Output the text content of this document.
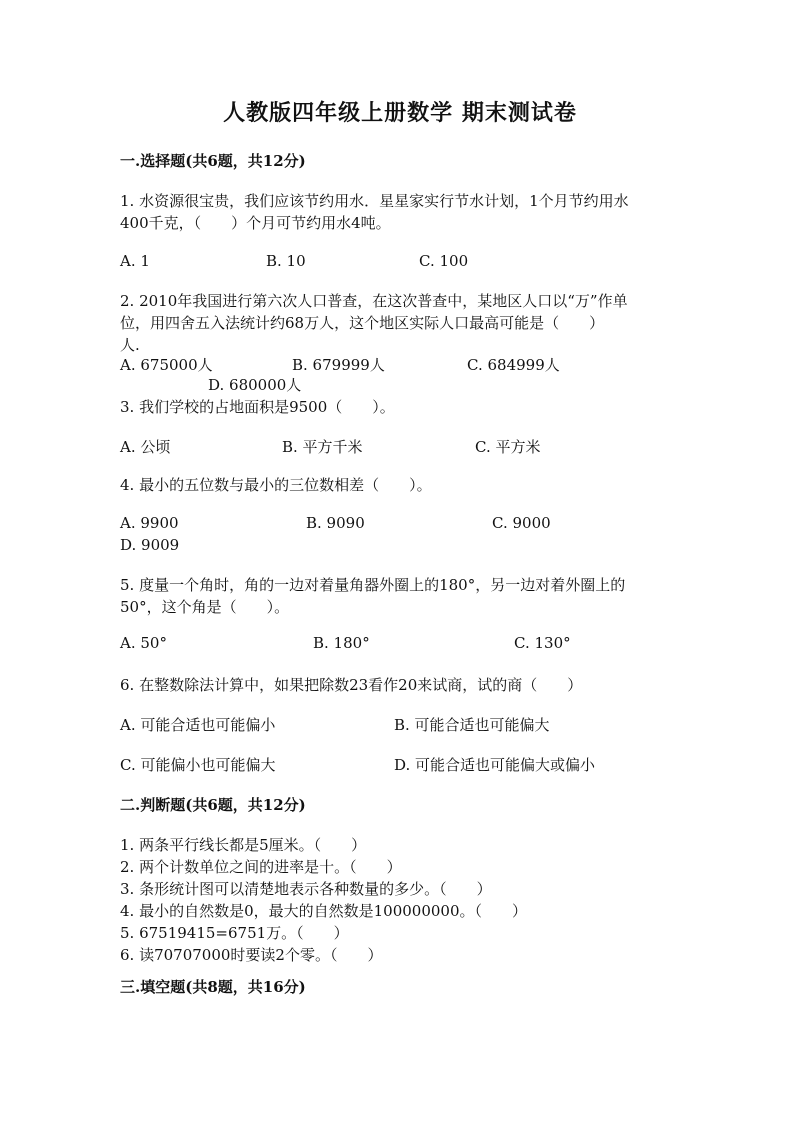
人教版四年级上册数学 期末测试卷
一.选择题(共6题，共12分)
1. 水资源很宝贵，我们应该节约用水．星星家实行节水计划，1个月节约用水
400千克，（　　）个月可节约用水4吨。
A. 1	B. 10	C. 100
2. 2010年我国进行第六次人口普查，在这次普查中，某地区人口以“万”作单
位，用四舍五入法统计约68万人，这个地区实际人口最高可能是（　　）
人.
A. 675000人	B. 679999人	C. 684999人
D. 680000人
3. 我们学校的占地面积是9500（　　）。
A. 公顷	B. 平方千米	C. 平方米
4. 最小的五位数与最小的三位数相差（　　）。
A. 9900	B. 9090	C. 9000
D. 9009
5. 度量一个角时，角的一边对着量角器外圈上的180°，另一边对着外圈上的
50°，这个角是（　　）。
A. 50°	B. 180°	C. 130°
6. 在整数除法计算中，如果把除数23看作20来试商，试的商（　　）
A. 可能合适也可能偏小	B. 可能合适也可能偏大
C. 可能偏小也可能偏大	D. 可能合适也可能偏大或偏小
二.判断题(共6题，共12分)
1. 两条平行线长都是5厘米。（　　）
2. 两个计数单位之间的进率是十。（　　）
3. 条形统计图可以清楚地表示各种数量的多少。（　　）
4. 最小的自然数是0，最大的自然数是100000000。（　　）
5. 67519415=6751万。（　　）
6. 读70707000时要读2个零。（　　）
三.填空题(共8题，共16分)
